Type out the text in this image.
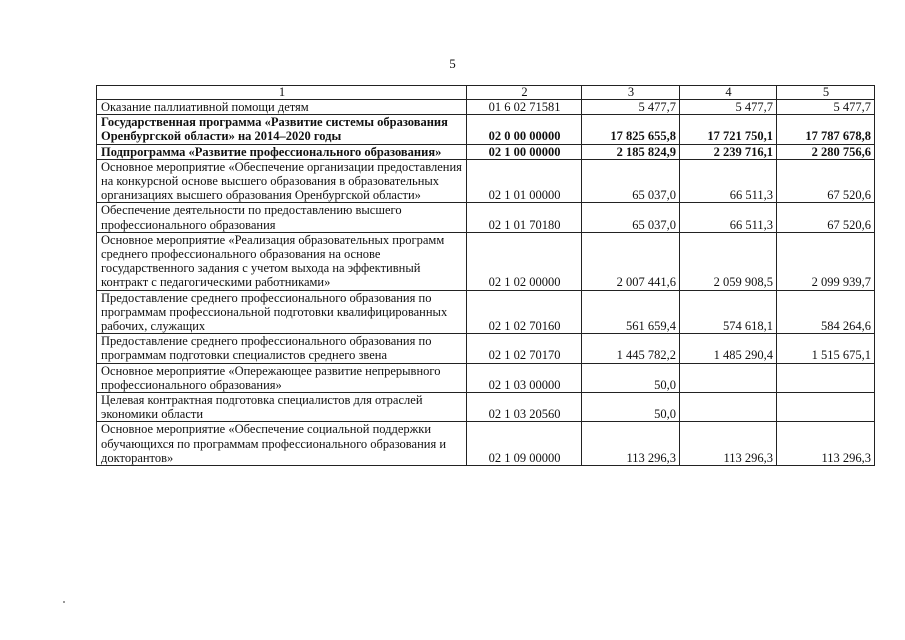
5
1	2	3	4	5
Оказание паллиативной помощи детям	01 6 02 71581	5 477,7	5 477,7	5 477,7
Государственная программа «Развитие системы образования Оренбургской области» на 2014–2020 годы	02 0 00 00000	17 825 655,8	17 721 750,1	17 787 678,8
Подпрограмма «Развитие профессионального образования»	02 1 00 00000	2 185 824,9	2 239 716,1	2 280 756,6
Основное мероприятие «Обеспечение организации предоставления на конкурсной основе высшего образования в образовательных организациях высшего образования Оренбургской области»	02 1 01 00000	65 037,0	66 511,3	67 520,6
Обеспечение деятельности по предоставлению высшего профессионального образования	02 1 01 70180	65 037,0	66 511,3	67 520,6
Основное мероприятие «Реализация образовательных программ среднего профессионального образования на основе государственного задания с учетом выхода на эффективный контракт с педагогическими работниками»	02 1 02 00000	2 007 441,6	2 059 908,5	2 099 939,7
Предоставление среднего профессионального образования по программам профессиональной подготовки квалифицированных рабочих, служащих	02 1 02 70160	561 659,4	574 618,1	584 264,6
Предоставление среднего профессионального образования по программам подготовки специалистов среднего звена	02 1 02 70170	1 445 782,2	1 485 290,4	1 515 675,1
Основное мероприятие «Опережающее развитие непрерывного профессионального образования»	02 1 03 00000	50,0		
Целевая контрактная подготовка специалистов для отраслей экономики области	02 1 03 20560	50,0		
Основное мероприятие «Обеспечение социальной поддержки обучающихся по программам профессионального образования и докторантов»	02 1 09 00000	113 296,3	113 296,3	113 296,3
